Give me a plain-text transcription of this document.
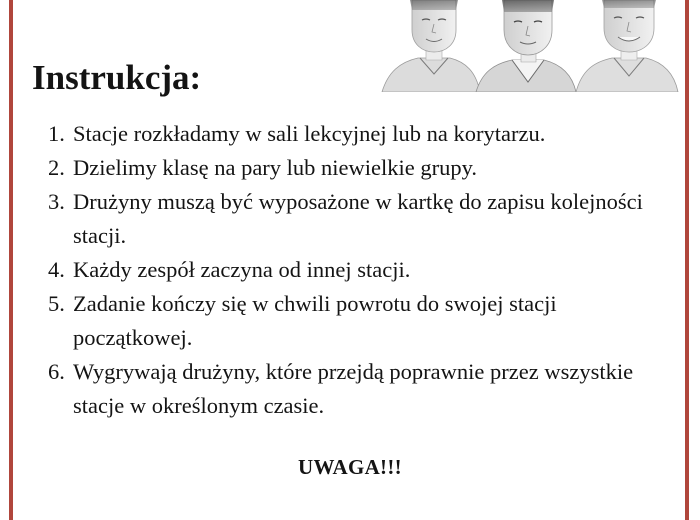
Instrukcja:
1. Stacje rozkładamy w sali lekcyjnej lub na korytarzu.
2. Dzielimy klasę na pary lub niewielkie grupy.
3. Drużyny muszą być wyposażone w kartkę do zapisu kolejności stacji.
4. Każdy zespół zaczyna od innej stacji.
5. Zadanie kończy się w chwili powrotu do swojej stacji początkowej.
6. Wygrywają drużyny, które przejdą poprawnie przez wszystkie stacje w określonym czasie.
UWAGA!!!
